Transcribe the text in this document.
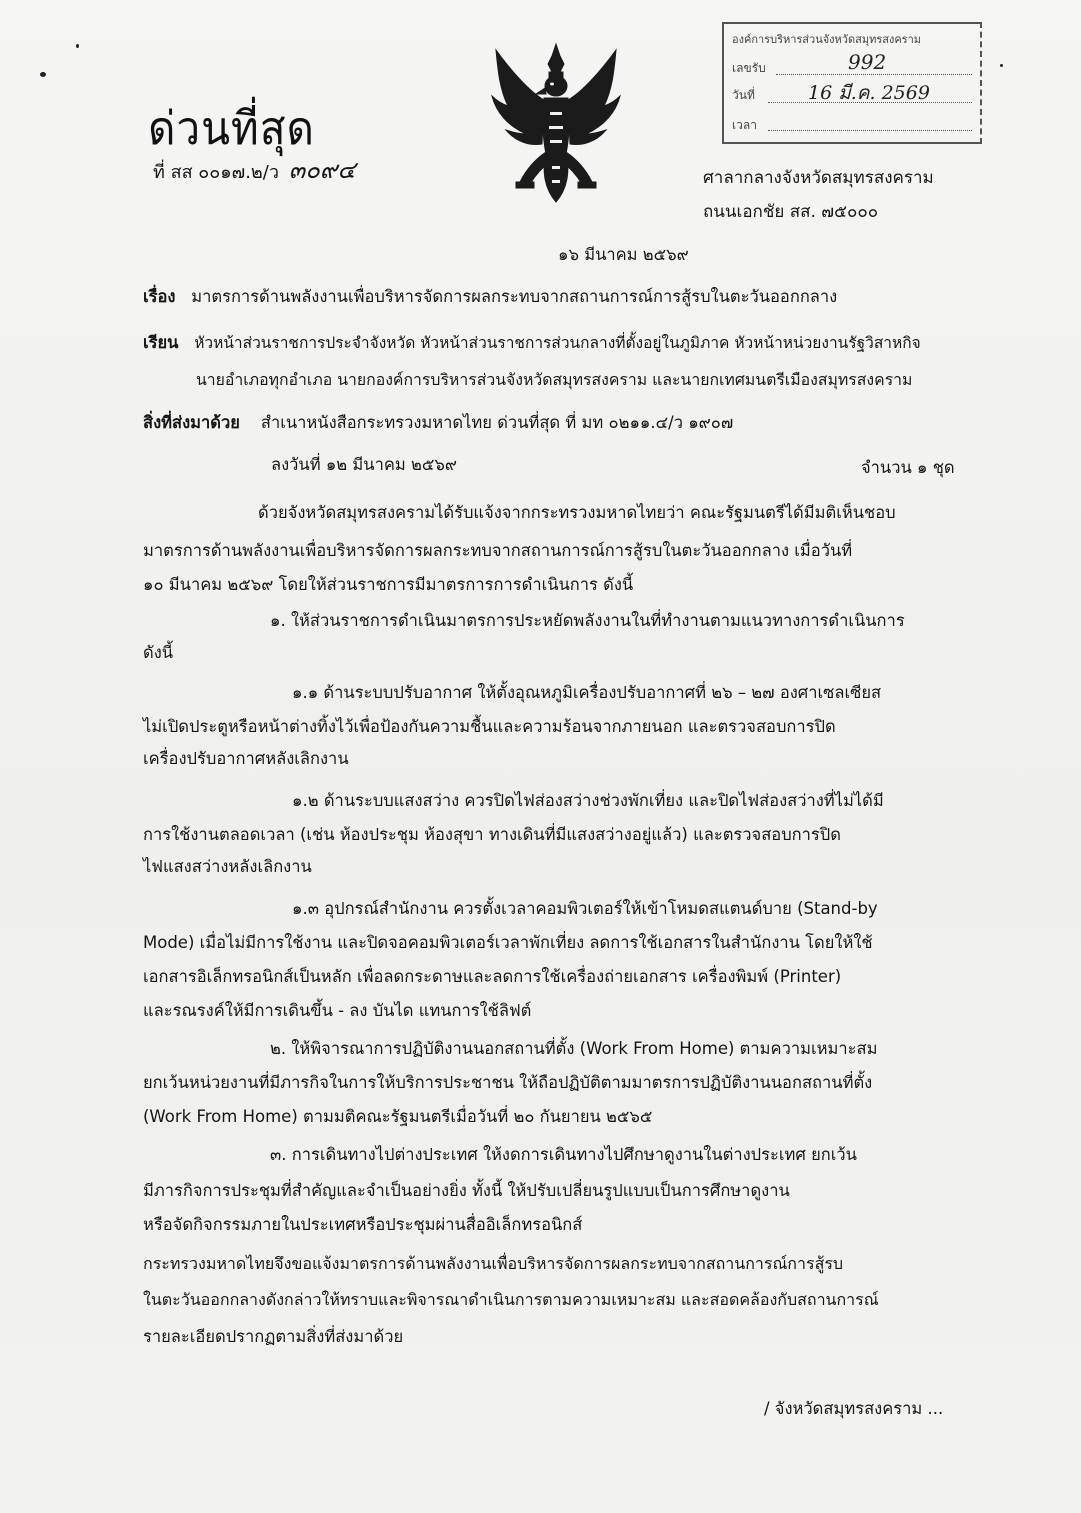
ด่วนที่สุด
ที่ สส ๐๐๑๗.๒/ว ๓๐๙๔
องค์การบริหารส่วนจังหวัดสมุทรสงคราม
เลขรับ	992
วันที่	16 มี.ค. 2569
เวลา
ศาลากลางจังหวัดสมุทรสงคราม
ถนนเอกชัย สส. ๗๕๐๐๐
๑๖ มีนาคม ๒๕๖๙
เรื่อง มาตรการด้านพลังงานเพื่อบริหารจัดการผลกระทบจากสถานการณ์การสู้รบในตะวันออกกลาง
เรียน หัวหน้าส่วนราชการประจำจังหวัด หัวหน้าส่วนราชการส่วนกลางที่ตั้งอยู่ในภูมิภาค หัวหน้าหน่วยงานรัฐวิสาหกิจ
นายอำเภอทุกอำเภอ นายกองค์การบริหารส่วนจังหวัดสมุทรสงคราม และนายกเทศมนตรีเมืองสมุทรสงคราม
สิ่งที่ส่งมาด้วย สำเนาหนังสือกระทรวงมหาดไทย ด่วนที่สุด ที่ มท ๐๒๑๑.๔/ว ๑๙๐๗
ลงวันที่ ๑๒ มีนาคม ๒๕๖๙	จำนวน ๑ ชุด
ด้วยจังหวัดสมุทรสงครามได้รับแจ้งจากกระทรวงมหาดไทยว่า คณะรัฐมนตรีได้มีมติเห็นชอบ
มาตรการด้านพลังงานเพื่อบริหารจัดการผลกระทบจากสถานการณ์การสู้รบในตะวันออกกลาง เมื่อวันที่
๑๐ มีนาคม ๒๕๖๙ โดยให้ส่วนราชการมีมาตรการการดำเนินการ ดังนี้
๑. ให้ส่วนราชการดำเนินมาตรการประหยัดพลังงานในที่ทำงานตามแนวทางการดำเนินการ
ดังนี้
๑.๑ ด้านระบบปรับอากาศ ให้ตั้งอุณหภูมิเครื่องปรับอากาศที่ ๒๖ – ๒๗ องศาเซลเซียส
ไม่เปิดประตูหรือหน้าต่างทิ้งไว้เพื่อป้องกันความชื้นและความร้อนจากภายนอก และตรวจสอบการปิด
เครื่องปรับอากาศหลังเลิกงาน
๑.๒ ด้านระบบแสงสว่าง ควรปิดไฟส่องสว่างช่วงพักเที่ยง และปิดไฟส่องสว่างที่ไม่ได้มี
การใช้งานตลอดเวลา (เช่น ห้องประชุม ห้องสุขา ทางเดินที่มีแสงสว่างอยู่แล้ว) และตรวจสอบการปิด
ไฟแสงสว่างหลังเลิกงาน
๑.๓ อุปกรณ์สำนักงาน ควรตั้งเวลาคอมพิวเตอร์ให้เข้าโหมดสแตนด์บาย (Stand-by
Mode) เมื่อไม่มีการใช้งาน และปิดจอคอมพิวเตอร์เวลาพักเที่ยง ลดการใช้เอกสารในสำนักงาน โดยให้ใช้
เอกสารอิเล็กทรอนิกส์เป็นหลัก เพื่อลดกระดาษและลดการใช้เครื่องถ่ายเอกสาร เครื่องพิมพ์ (Printer)
และรณรงค์ให้มีการเดินขึ้น - ลง บันได แทนการใช้ลิฟต์
๒. ให้พิจารณาการปฏิบัติงานนอกสถานที่ตั้ง (Work From Home) ตามความเหมาะสม
ยกเว้นหน่วยงานที่มีภารกิจในการให้บริการประชาชน ให้ถือปฏิบัติตามมาตรการปฏิบัติงานนอกสถานที่ตั้ง
(Work From Home) ตามมติคณะรัฐมนตรีเมื่อวันที่ ๒๐ กันยายน ๒๕๖๕
๓. การเดินทางไปต่างประเทศ ให้งดการเดินทางไปศึกษาดูงานในต่างประเทศ ยกเว้น
มีภารกิจการประชุมที่สำคัญและจำเป็นอย่างยิ่ง ทั้งนี้ ให้ปรับเปลี่ยนรูปแบบเป็นการศึกษาดูงาน
หรือจัดกิจกรรมภายในประเทศหรือประชุมผ่านสื่ออิเล็กทรอนิกส์
กระทรวงมหาดไทยจึงขอแจ้งมาตรการด้านพลังงานเพื่อบริหารจัดการผลกระทบจากสถานการณ์การสู้รบ
ในตะวันออกกลางดังกล่าวให้ทราบและพิจารณาดำเนินการตามความเหมาะสม และสอดคล้องกับสถานการณ์
รายละเอียดปรากฏตามสิ่งที่ส่งมาด้วย
/ จังหวัดสมุทรสงคราม ...
